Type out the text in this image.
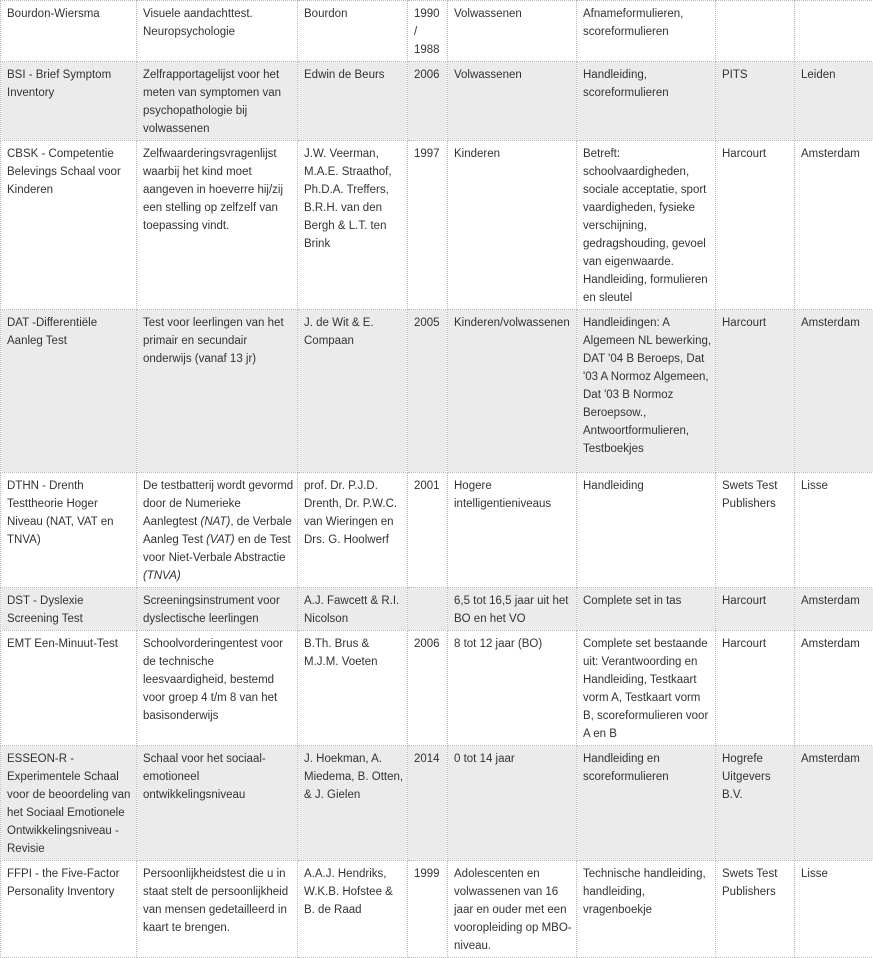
Bourdon-Wiersma	Visuele aandachttest. Neuropsychologie	Bourdon	1990 / 1988	Volwassenen	Afnameformulieren, scoreformulieren		
BSI - Brief Symptom Inventory	Zelfrapportagelijst voor het meten van symptomen van psychopathologie bij volwassenen	Edwin de Beurs	2006	Volwassenen	Handleiding, scoreformulieren	PITS	Leiden
CBSK - Competentie Belevings Schaal voor Kinderen	Zelfwaarderingsvragenlijst waarbij het kind moet aangeven in hoeverre hij/zij een stelling op zelfzelf van toepassing vindt.	J.W. Veerman, M.A.E. Straathof, Ph.D.A. Treffers, B.R.H. van den Bergh & L.T. ten Brink	1997	Kinderen	Betreft: schoolvaardigheden, sociale acceptatie, sport vaardigheden, fysieke verschijning, gedragshouding, gevoel van eigenwaarde. Handleiding, formulieren en sleutel	Harcourt	Amsterdam
DAT -Differentiële Aanleg Test	Test voor leerlingen van het primair en secundair onderwijs (vanaf 13 jr)	J. de Wit & E. Compaan	2005	Kinderen/volwassenen	Handleidingen: A Algemeen NL bewerking, DAT '04 B Beroeps, Dat '03 A Normoz Algemeen, Dat '03 B Normoz Beroepsow., Antwoortformulieren, Testboekjes	Harcourt	Amsterdam
DTHN - Drenth Testtheorie Hoger Niveau (NAT, VAT en TNVA)	De testbatterij wordt gevormd door de Numerieke Aanlegtest (NAT), de Verbale Aanleg Test (VAT) en de Test voor Niet-Verbale Abstractie (TNVA)	prof. Dr. P.J.D. Drenth, Dr. P.W.C. van Wieringen en Drs. G. Hoolwerf	2001	Hogere intelligentieniveaus	Handleiding	Swets Test Publishers	Lisse
DST - Dyslexie Screening Test	Screeningsinstrument voor dyslectische leerlingen	A.J. Fawcett & R.I. Nicolson		6,5 tot 16,5 jaar uit het BO en het VO	Complete set in tas	Harcourt	Amsterdam
EMT Een-Minuut-Test	Schoolvorderingentest voor de technische leesvaardigheid, bestemd voor groep 4 t/m 8 van het basisonderwijs	B.Th. Brus & M.J.M. Voeten	2006	8 tot 12 jaar (BO)	Complete set bestaande uit: Verantwoording en Handleiding, Testkaart vorm A, Testkaart vorm B, scoreformulieren voor A en B	Harcourt	Amsterdam
ESSEON-R - Experimentele Schaal voor de beoordeling van het Sociaal Emotionele Ontwikkelingsniveau - Revisie	Schaal voor het sociaal-emotioneel ontwikkelingsniveau	J. Hoekman, A. Miedema, B. Otten, & J. Gielen	2014	0 tot 14 jaar	Handleiding en scoreformulieren	Hogrefe Uitgevers B.V.	Amsterdam
FFPI - the Five-Factor Personality Inventory	Persoonlijkheidstest die u in staat stelt de persoonlijkheid van mensen gedetailleerd in kaart te brengen.	A.A.J. Hendriks, W.K.B. Hofstee & B. de Raad	1999	Adolescenten en volwassenen van 16 jaar en ouder met een vooropleiding op MBO-niveau.	Technische handleiding, handleiding, vragenboekje	Swets Test Publishers	Lisse
